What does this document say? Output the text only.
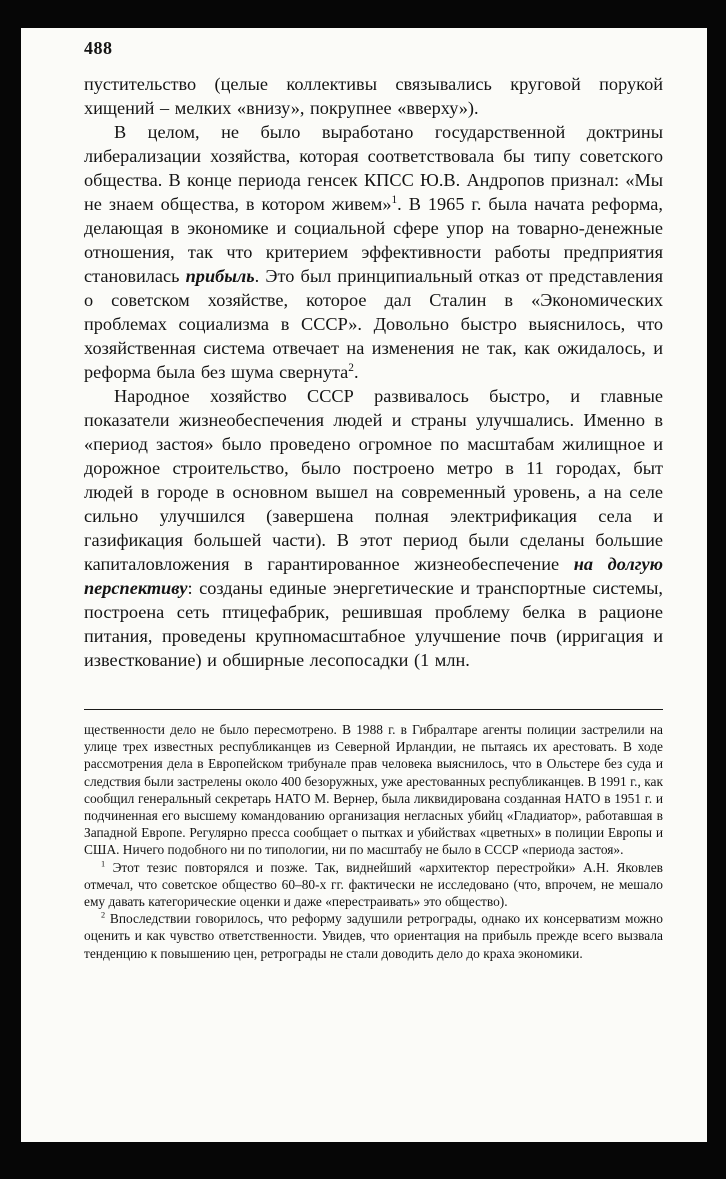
488

пустительство (целые коллективы связывались круговой порукой хищений – мелких «внизу», покрупнее «вверху»).

В целом, не было выработано государственной доктрины либерализации хозяйства, которая соответствовала бы типу советского общества. В конце периода генсек КПСС Ю.В. Андропов признал: «Мы не знаем общества, в котором живем»$^1$. В 1965 г. была начата реформа, делающая в экономике и социальной сфере упор на товарно-денежные отношения, так что критерием эффективности работы предприятия становилась прибыль. Это был принципиальный отказ от представления о советском хозяйстве, которое дал Сталин в «Экономических проблемах социализма в СССР». Довольно быстро выяснилось, что хозяйственная система отвечает на изменения не так, как ожидалось, и реформа была без шума свернута$^2$.

Народное хозяйство СССР развивалось быстро, и главные показатели жизнеобеспечения людей и страны улучшались. Именно в «период застоя» было проведено огромное по масштабам жилищное и дорожное строительство, было построено метро в 11 городах, быт людей в городе в основном вышел на современный уровень, а на селе сильно улучшился (завершена полная электрификация села и газификация большей части). В этот период были сделаны большие капиталовложения в гарантированное жизнеобеспечение на долгую перспективу: созданы единые энергетические и транспортные системы, построена сеть птицефабрик, решившая проблему белка в рационе питания, проведены крупномасштабное улучшение почв (ирригация и известкование) и обширные лесопосадки (1 млн.

щественности дело не было пересмотрено. В 1988 г. в Гибралтаре агенты полиции застрелили на улице трех известных республиканцев из Северной Ирландии, не пытаясь их арестовать. В ходе рассмотрения дела в Европейском трибунале прав человека выяснилось, что в Ольстере без суда и следствия были застрелены около 400 безоружных, уже арестованных республиканцев. В 1991 г., как сообщил генеральный секретарь НАТО М. Вернер, была ликвидирована созданная НАТО в 1951 г. и подчиненная его высшему командованию организация негласных убийц «Гладиатор», работавшая в Западной Европе. Регулярно пресса сообщает о пытках и убийствах «цветных» в полиции Европы и США. Ничего подобного ни по типологии, ни по масштабу не было в СССР «периода застоя».

$^1$ Этот тезис повторялся и позже. Так, виднейший «архитектор перестройки» А.Н. Яковлев отмечал, что советское общество 60–80-х гг. фактически не исследовано (что, впрочем, не мешало ему давать категорические оценки и даже «перестраивать» это общество).

$^2$ Впоследствии говорилось, что реформу задушили ретрограды, однако их консерватизм можно оценить и как чувство ответственности. Увидев, что ориентация на прибыль прежде всего вызвала тенденцию к повышению цен, ретрограды не стали доводить дело до краха экономики.
